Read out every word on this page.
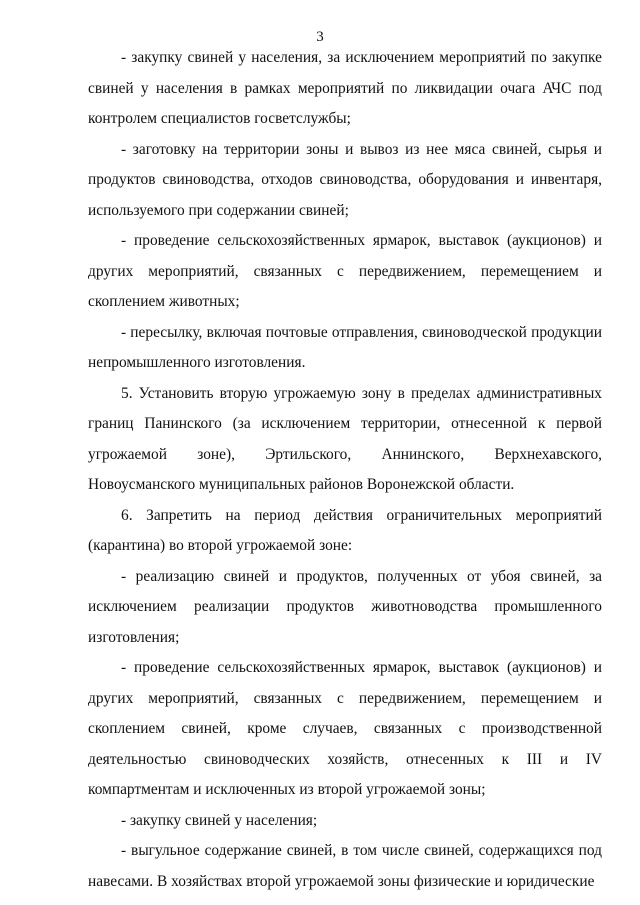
3

- закупку свиней у населения, за исключением мероприятий по закупке свиней у населения в рамках мероприятий по ликвидации очага АЧС под контролем специалистов госветслужбы;

- заготовку на территории зоны и вывоз из нее мяса свиней, сырья и продуктов свиноводства, отходов свиноводства, оборудования и инвентаря, используемого при содержании свиней;

- проведение сельскохозяйственных ярмарок, выставок (аукционов) и других мероприятий, связанных с передвижением, перемещением и скоплением животных;

- пересылку, включая почтовые отправления, свиноводческой продукции непромышленного изготовления.

5. Установить вторую угрожаемую зону в пределах административных границ Панинского (за исключением территории, отнесенной к первой угрожаемой зоне), Эртильского, Аннинского, Верхнехавского, Новоусманского муниципальных районов Воронежской области.

6. Запретить на период действия ограничительных мероприятий (карантина) во второй угрожаемой зоне:

- реализацию свиней и продуктов, полученных от убоя свиней, за исключением реализации продуктов животноводства промышленного изготовления;

- проведение сельскохозяйственных ярмарок, выставок (аукционов) и других мероприятий, связанных с передвижением, перемещением и скоплением свиней, кроме случаев, связанных с производственной деятельностью свиноводческих хозяйств, отнесенных к III и IV компартментам и исключенных из второй угрожаемой зоны;

- закупку свиней у населения;

- выгульное содержание свиней, в том числе свиней, содержащихся под навесами. В хозяйствах второй угрожаемой зоны физические и юридические
